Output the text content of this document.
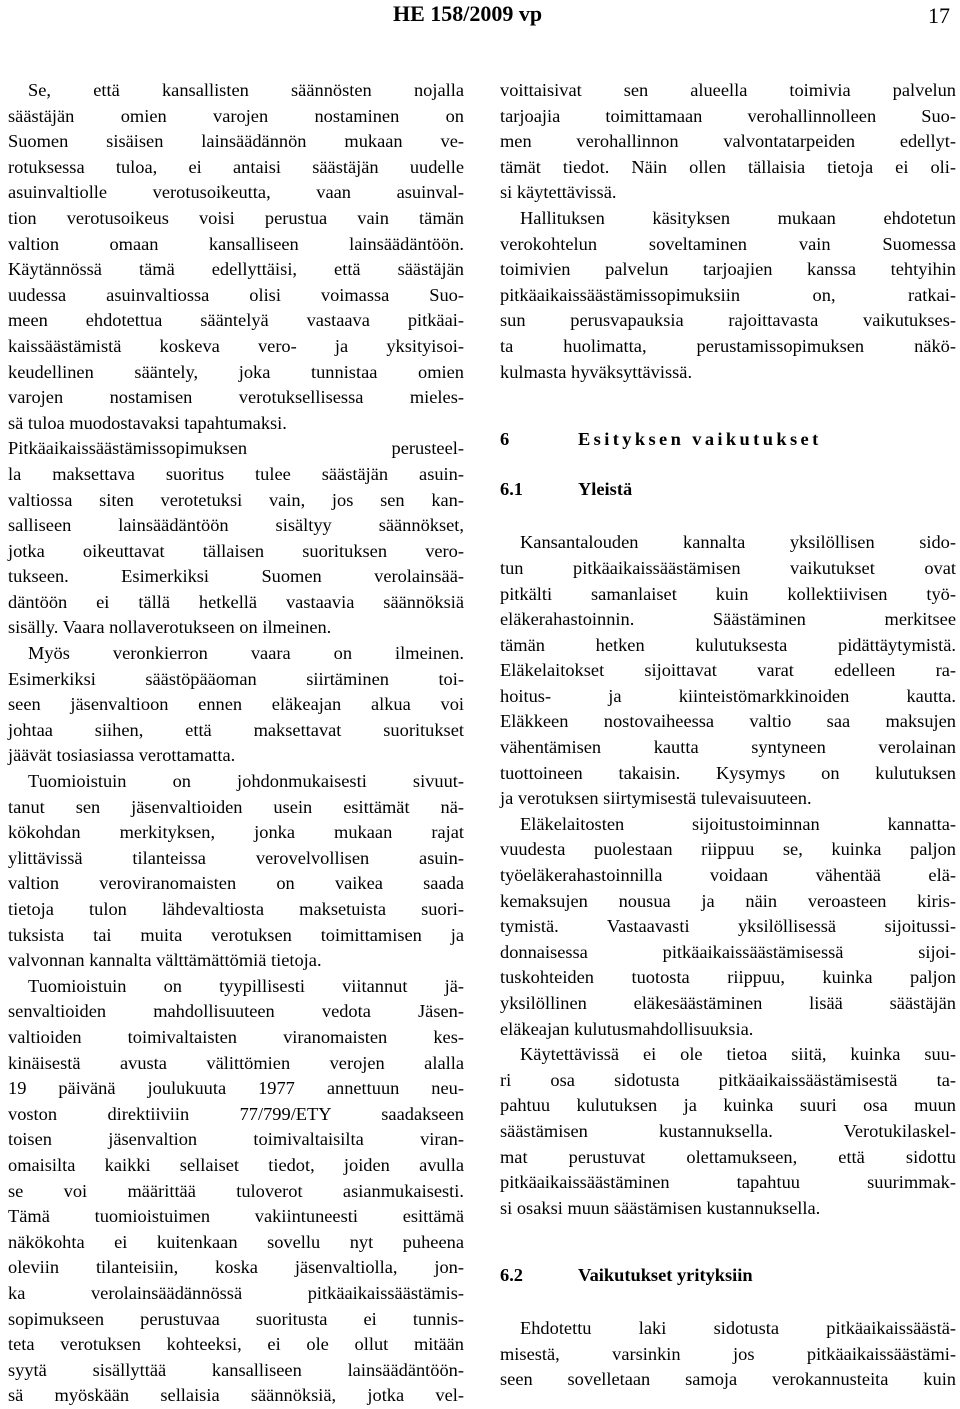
HE 158/2009 vp	17
Se, että kansallisten säännösten nojalla
säästäjän omien varojen nostaminen on
Suomen sisäisen lainsäädännön mukaan ve-
rotuksessa tuloa, ei antaisi säästäjän uudelle
asuinvaltiolle verotusoikeutta, vaan asuinval-
tion verotusoikeus voisi perustua vain tämän
valtion omaan kansalliseen lainsäädäntöön.
Käytännössä tämä edellyttäisi, että säästäjän
uudessa asuinvaltiossa olisi voimassa Suo-
meen ehdotettua sääntelyä vastaava pitkäai-
kaissäästämistä koskeva vero- ja yksityisoi-
keudellinen sääntely, joka tunnistaa omien
varojen nostamisen verotuksellisessa mieles-
sä tuloa muodostavaksi tapahtumaksi.
Pitkäaikaissäästämissopimuksen perusteel-
la maksettava suoritus tulee säästäjän asuin-
valtiossa siten verotetuksi vain, jos sen kan-
salliseen lainsäädäntöön sisältyy säännökset,
jotka oikeuttavat tällaisen suorituksen vero-
tukseen. Esimerkiksi Suomen verolainsää-
däntöön ei tällä hetkellä vastaavia säännöksiä
sisälly. Vaara nollaverotukseen on ilmeinen.
Myös veronkierron vaara on ilmeinen.
Esimerkiksi säästöpääoman siirtäminen toi-
seen jäsenvaltioon ennen eläkeajan alkua voi
johtaa siihen, että maksettavat suoritukset
jäävät tosiasiassa verottamatta.
Tuomioistuin on johdonmukaisesti sivuut-
tanut sen jäsenvaltioiden usein esittämät nä-
kökohdan merkityksen, jonka mukaan rajat
ylittävissä tilanteissa verovelvollisen asuin-
valtion veroviranomaisten on vaikea saada
tietoja tulon lähdevaltiosta maksetuista suori-
tuksista tai muita verotuksen toimittamisen ja
valvonnan kannalta välttämättömiä tietoja.
Tuomioistuin on tyypillisesti viitannut jä-
senvaltioiden mahdollisuuteen vedota Jäsen-
valtioiden toimivaltaisten viranomaisten kes-
kinäisestä avusta välittömien verojen alalla
19 päivänä joulukuuta 1977 annettuun neu-
voston direktiiviin 77/799/ETY saadakseen
toisen jäsenvaltion toimivaltaisilta viran-
omaisilta kaikki sellaiset tiedot, joiden avulla
se voi määrittää tuloverot asianmukaisesti.
Tämä tuomioistuimen vakiintuneesti esittämä
näkökohta ei kuitenkaan sovellu nyt puheena
oleviin tilanteisiin, koska jäsenvaltiolla, jon-
ka verolainsäädännössä pitkäaikaissäästämis-
sopimukseen perustuvaa suoritusta ei tunnis-
teta verotuksen kohteeksi, ei ole ollut mitään
syytä sisällyttää kansalliseen lainsäädäntöön-
sä myöskään sellaisia säännöksiä, jotka vel-
voittaisivat sen alueella toimivia palvelun
tarjoajia toimittamaan verohallinnolleen Suo-
men verohallinnon valvontatarpeiden edellyt-
tämät tiedot. Näin ollen tällaisia tietoja ei oli-
si käytettävissä.
Hallituksen käsityksen mukaan ehdotetun
verokohtelun soveltaminen vain Suomessa
toimivien palvelun tarjoajien kanssa tehtyihin
pitkäaikaissäästämissopimuksiin on, ratkai-
sun perusvapauksia rajoittavasta vaikutukses-
ta huolimatta, perustamissopimuksen näkö-
kulmasta hyväksyttävissä.
6	Esityksen vaikutukset
6.1	Yleistä
Kansantalouden kannalta yksilöllisen sido-
tun pitkäaikaissäästämisen vaikutukset ovat
pitkälti samanlaiset kuin kollektiivisen työ-
eläkerahastoinnin. Säästäminen merkitsee
tämän hetken kulutuksesta pidättäytymistä.
Eläkelaitokset sijoittavat varat edelleen ra-
hoitus- ja kiinteistömarkkinoiden kautta.
Eläkkeen nostovaiheessa valtio saa maksujen
vähentämisen kautta syntyneen verolainan
tuottoineen takaisin. Kysymys on kulutuksen
ja verotuksen siirtymisestä tulevaisuuteen.
Eläkelaitosten sijoitustoiminnan kannatta-
vuudesta puolestaan riippuu se, kuinka paljon
työeläkerahastoinnilla voidaan vähentää elä-
kemaksujen nousua ja näin veroasteen kiris-
tymistä. Vastaavasti yksilöllisessä sijoitussi-
donnaisessa pitkäaikaissäästämisessä sijoi-
tuskohteiden tuotosta riippuu, kuinka paljon
yksilöllinen eläkesäästäminen lisää säästäjän
eläkeajan kulutusmahdollisuuksia.
Käytettävissä ei ole tietoa siitä, kuinka suu-
ri osa sidotusta pitkäaikaissäästämisestä ta-
pahtuu kulutuksen ja kuinka suuri osa muun
säästämisen kustannuksella. Verotukilaskel-
mat perustuvat olettamukseen, että sidottu
pitkäaikaissäästäminen tapahtuu suurimmak-
si osaksi muun säästämisen kustannuksella.
6.2	Vaikutukset yrityksiin
Ehdotettu laki sidotusta pitkäaikaissäästä-
misestä, varsinkin jos pitkäaikaissäästämi-
seen sovelletaan samoja verokannusteita kuin
